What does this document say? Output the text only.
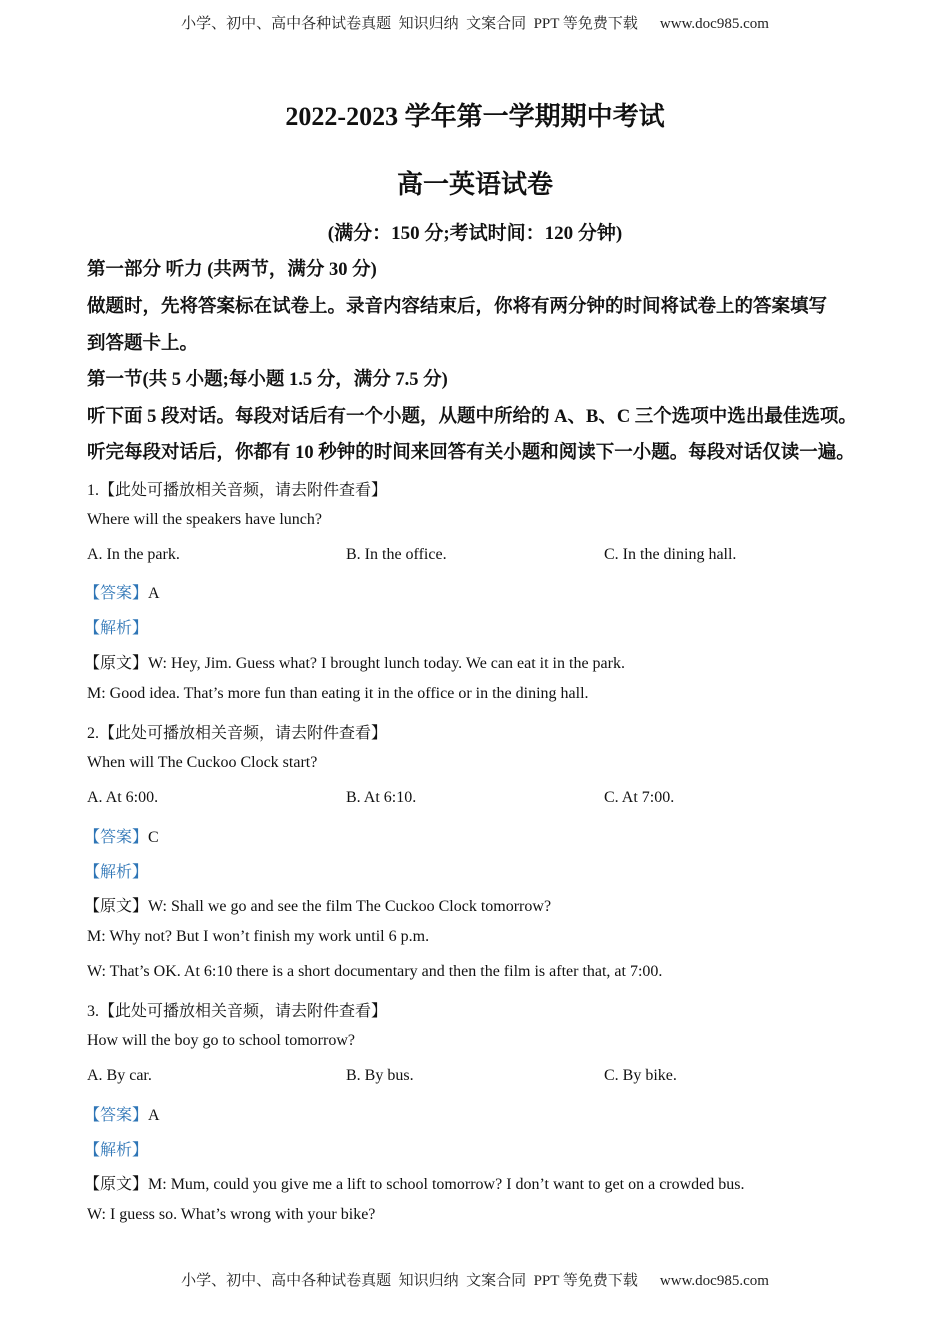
小学、初中、高中各种试卷真题  知识归纳  文案合同  PPT 等免费下载 www.doc985.com
2022-2023 学年第一学期期中考试
高一英语试卷
(满分：150 分;考试时间：120 分钟)
第一部分 听力 (共两节，满分 30 分)
做题时，先将答案标在试卷上。录音内容结束后，你将有两分钟的时间将试卷上的答案填写
到答题卡上。
第一节(共 5 小题;每小题 1.5 分，满分 7.5 分)
听下面 5 段对话。每段对话后有一个小题，从题中所给的 A、B、C 三个选项中选出最佳选项。
听完每段对话后，你都有 10 秒钟的时间来回答有关小题和阅读下一小题。每段对话仅读一遍。
1.【此处可播放相关音频，请去附件查看】
Where will the speakers have lunch?
A. In the park.	B. In the office.	C. In the dining hall.
【答案】A
【解析】
【原文】W: Hey, Jim. Guess what? I brought lunch today. We can eat it in the park.
M: Good idea. That’s more fun than eating it in the office or in the dining hall.
2.【此处可播放相关音频，请去附件查看】
When will The Cuckoo Clock start?
A. At 6:00.	B. At 6:10.	C. At 7:00.
【答案】C
【解析】
【原文】W: Shall we go and see the film The Cuckoo Clock tomorrow?
M: Why not? But I won’t finish my work until 6 p.m.
W: That’s OK. At 6:10 there is a short documentary and then the film is after that, at 7:00.
3.【此处可播放相关音频，请去附件查看】
How will the boy go to school tomorrow?
A. By car.	B. By bus.	C. By bike.
【答案】A
【解析】
【原文】M: Mum, could you give me a lift to school tomorrow? I don’t want to get on a crowded bus.
W: I guess so. What’s wrong with your bike?
小学、初中、高中各种试卷真题  知识归纳  文案合同  PPT 等免费下载 www.doc985.com
